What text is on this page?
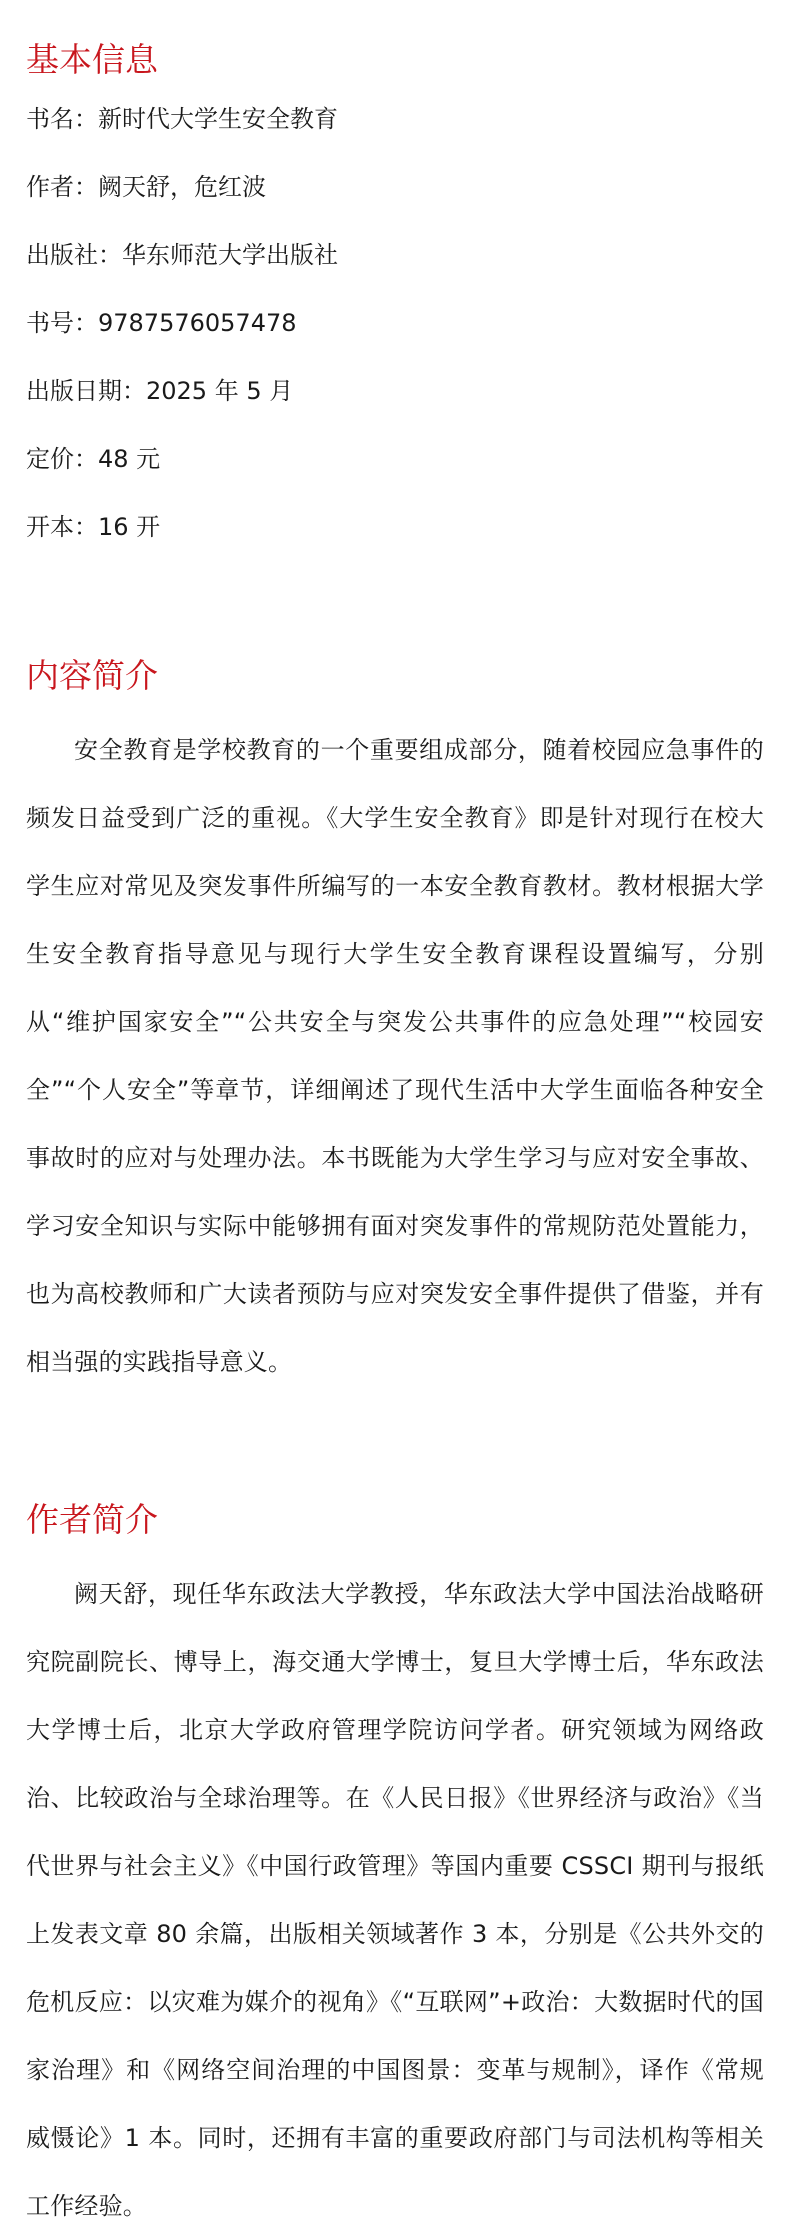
基本信息
书名：新时代大学生安全教育
作者：阙天舒，危红波
出版社：华东师范大学出版社
书号：9787576057478
出版日期：2025 年 5 月
定价：48 元
开本：16 开
内容简介

安全教育是学校教育的一个重要组成部分，随着校园应急事件的频发日益受到广泛的重视。《大学生安全教育》即是针对现行在校大学生应对常见及突发事件所编写的一本安全教育教材。教材根据大学生安全教育指导意见与现行大学生安全教育课程设置编写，分别从“维护国家安全”“公共安全与突发公共事件的应急处理”“校园安全”“个人安全”等章节，详细阐述了现代生活中大学生面临各种安全事故时的应对与处理办法。本书既能为大学生学习与应对安全事故、学习安全知识与实际中能够拥有面对突发事件的常规防范处置能力，也为高校教师和广大读者预防与应对突发安全事件提供了借鉴，并有相当强的实践指导意义。

作者简介

阙天舒，现任华东政法大学教授，华东政法大学中国法治战略研究院副院长、博导上，海交通大学博士，复旦大学博士后，华东政法大学博士后，北京大学政府管理学院访问学者。研究领域为网络政治、比较政治与全球治理等。在《人民日报》《世界经济与政治》《当代世界与社会主义》《中国行政管理》等国内重要 CSSCI 期刊与报纸上发表文章 80 余篇，出版相关领域著作 3 本，分别是《公共外交的危机反应：以灾难为媒介的视角》《“互联网”+政治：大数据时代的国家治理》和《网络空间治理的中国图景：变革与规制》，译作《常规威慑论》1 本。同时，还拥有丰富的重要政府部门与司法机构等相关工作经验。
